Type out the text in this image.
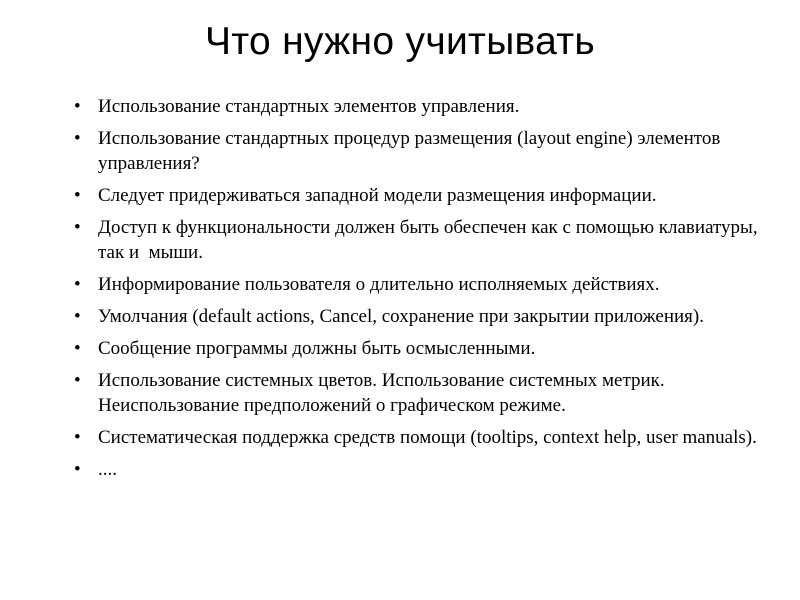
Что нужно учитывать
• Использование стандартных элементов управления.
• Использование стандартных процедур размещения (layout engine) элементов управления?
• Следует придерживаться западной модели размещения информации.
• Доступ к функциональности должен быть обеспечен как с помощью клавиатуры, так и  мыши.
• Информирование пользователя о длительно исполняемых действиях.
• Умолчания (default actions, Cancel, сохранение при закрытии приложения).
• Сообщение программы должны быть осмысленными.
• Использование системных цветов. Использование системных метрик. Неиспользование предположений о графическом режиме.
• Систематическая поддержка средств помощи (tooltips, context help, user manuals).
• ....
